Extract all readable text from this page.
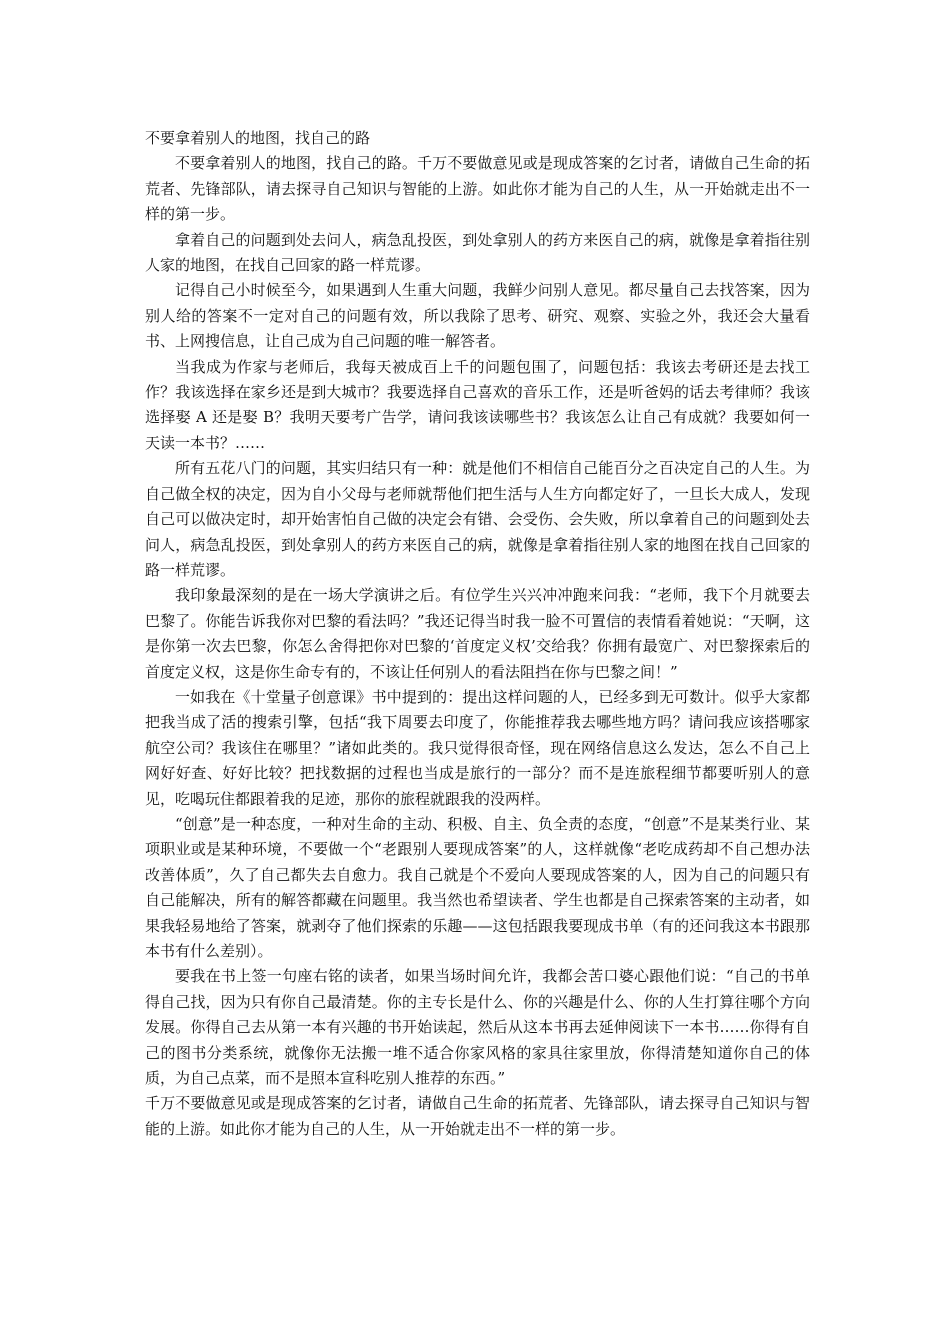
不要拿着别人的地图，找自己的路

不要拿着别人的地图，找自己的路。千万不要做意见或是现成答案的乞讨者，请做自己生命的拓荒者、先锋部队，请去探寻自己知识与智能的上游。如此你才能为自己的人生，从一开始就走出不一样的第一步。

拿着自己的问题到处去问人，病急乱投医，到处拿别人的药方来医自己的病，就像是拿着指往别人家的地图，在找自己回家的路一样荒谬。

记得自己小时候至今，如果遇到人生重大问题，我鲜少问别人意见。都尽量自己去找答案，因为别人给的答案不一定对自己的问题有效，所以我除了思考、研究、观察、实验之外，我还会大量看书、上网搜信息，让自己成为自己问题的唯一解答者。

当我成为作家与老师后，我每天被成百上千的问题包围了，问题包括：我该去考研还是去找工作？我该选择在家乡还是到大城市？我要选择自己喜欢的音乐工作，还是听爸妈的话去考律师？我该选择娶 A 还是娶 B？我明天要考广告学，请问我该读哪些书？我该怎么让自己有成就？我要如何一天读一本书？……

所有五花八门的问题，其实归结只有一种：就是他们不相信自己能百分之百决定自己的人生。为自己做全权的决定，因为自小父母与老师就帮他们把生活与人生方向都定好了，一旦长大成人，发现自己可以做决定时，却开始害怕自己做的决定会有错、会受伤、会失败，所以拿着自己的问题到处去问人，病急乱投医，到处拿别人的药方来医自己的病，就像是拿着指往别人家的地图在找自己回家的路一样荒谬。

我印象最深刻的是在一场大学演讲之后。有位学生兴兴冲冲跑来问我：“老师，我下个月就要去巴黎了。你能告诉我你对巴黎的看法吗？”我还记得当时我一脸不可置信的表情看着她说：“天啊，这是你第一次去巴黎，你怎么舍得把你对巴黎的‘首度定义权’交给我？你拥有最宽广、对巴黎探索后的首度定义权，这是你生命专有的，不该让任何别人的看法阻挡在你与巴黎之间！”

一如我在《十堂量子创意课》书中提到的：提出这样问题的人，已经多到无可数计。似乎大家都把我当成了活的搜索引擎，包括“我下周要去印度了，你能推荐我去哪些地方吗？请问我应该搭哪家航空公司？我该住在哪里？”诸如此类的。我只觉得很奇怪，现在网络信息这么发达，怎么不自己上网好好查、好好比较？把找数据的过程也当成是旅行的一部分？而不是连旅程细节都要听别人的意见，吃喝玩住都跟着我的足迹，那你的旅程就跟我的没两样。

“创意”是一种态度，一种对生命的主动、积极、自主、负全责的态度，“创意”不是某类行业、某项职业或是某种环境，不要做一个“老跟别人要现成答案”的人，这样就像“老吃成药却不自己想办法改善体质”，久了自己都失去自愈力。我自己就是个不爱向人要现成答案的人，因为自己的问题只有自己能解决，所有的解答都藏在问题里。我当然也希望读者、学生也都是自己探索答案的主动者，如果我轻易地给了答案，就剥夺了他们探索的乐趣——这包括跟我要现成书单（有的还问我这本书跟那本书有什么差别）。

要我在书上签一句座右铭的读者，如果当场时间允许，我都会苦口婆心跟他们说：“自己的书单得自己找，因为只有你自己最清楚。你的主专长是什么、你的兴趣是什么、你的人生打算往哪个方向发展。你得自己去从第一本有兴趣的书开始读起，然后从这本书再去延伸阅读下一本书……你得有自己的图书分类系统，就像你无法搬一堆不适合你家风格的家具往家里放，你得清楚知道你自己的体质，为自己点菜，而不是照本宣科吃别人推荐的东西。”

千万不要做意见或是现成答案的乞讨者，请做自己生命的拓荒者、先锋部队，请去探寻自己知识与智能的上游。如此你才能为自己的人生，从一开始就走出不一样的第一步。
